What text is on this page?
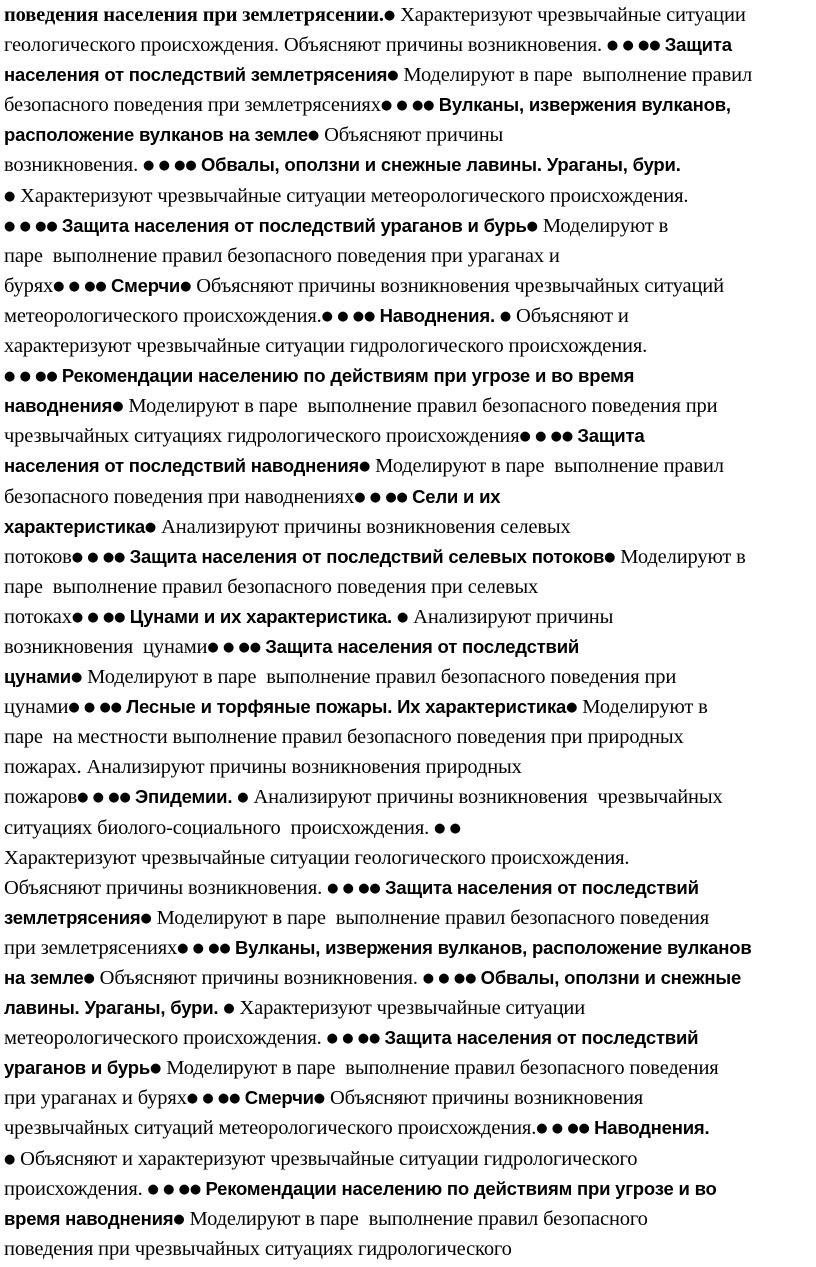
поведения населения при землетрясении.● Характеризуют чрезвычайные ситуации
геологического происхождения. Объясняют причины возникновения. ● ● ●● Защита
населения от последствий землетрясения● Моделируют в паре  выполнение правил
безопасного поведения при землетрясениях● ● ●● Вулканы, извержения вулканов,
расположение вулканов на земле● Объясняют причины
возникновения. ● ● ●● Обвалы, оползни и снежные лавины. Ураганы, бури.
● Характеризуют чрезвычайные ситуации метеорологического происхождения.
● ● ●● Защита населения от последствий ураганов и бурь● Моделируют в
паре  выполнение правил безопасного поведения при ураганах и
бурях● ● ●● Смерчи● Объясняют причины возникновения чрезвычайных ситуаций
метеорологического происхождения.● ● ●● Наводнения. ● Объясняют и
характеризуют чрезвычайные ситуации гидрологического происхождения.
● ● ●● Рекомендации населению по действиям при угрозе и во время
наводнения● Моделируют в паре  выполнение правил безопасного поведения при
чрезвычайных ситуациях гидрологического происхождения● ● ●● Защита
населения от последствий наводнения● Моделируют в паре  выполнение правил
безопасного поведения при наводнениях● ● ●● Сели и их
характеристика● Анализируют причины возникновения селевых
потоков● ● ●● Защита населения от последствий селевых потоков● Моделируют в
паре  выполнение правил безопасного поведения при селевых
потоках● ● ●● Цунами и их характеристика. ● Анализируют причины
возникновения  цунами● ● ●● Защита населения от последствий
цунами● Моделируют в паре  выполнение правил безопасного поведения при
цунами● ● ●● Лесные и торфяные пожары. Их характеристика● Моделируют в
паре  на местности выполнение правил безопасного поведения при природных
пожарах. Анализируют причины возникновения природных
пожаров● ● ●● Эпидемии. ● Анализируют причины возникновения  чрезвычайных
ситуациях биолого-социального  происхождения. ● ●
Характеризуют чрезвычайные ситуации геологического происхождения.
Объясняют причины возникновения. ● ● ●● Защита населения от последствий
землетрясения● Моделируют в паре  выполнение правил безопасного поведения
при землетрясениях● ● ●● Вулканы, извержения вулканов, расположение вулканов
на земле● Объясняют причины возникновения. ● ● ●● Обвалы, оползни и снежные
лавины. Ураганы, бури. ● Характеризуют чрезвычайные ситуации
метеорологического происхождения. ● ● ●● Защита населения от последствий
ураганов и бурь● Моделируют в паре  выполнение правил безопасного поведения
при ураганах и бурях● ● ●● Смерчи● Объясняют причины возникновения
чрезвычайных ситуаций метеорологического происхождения.● ● ●● Наводнения.
● Объясняют и характеризуют чрезвычайные ситуации гидрологического
происхождения. ● ● ●● Рекомендации населению по действиям при угрозе и во
время наводнения● Моделируют в паре  выполнение правил безопасного
поведения при чрезвычайных ситуациях гидрологического
